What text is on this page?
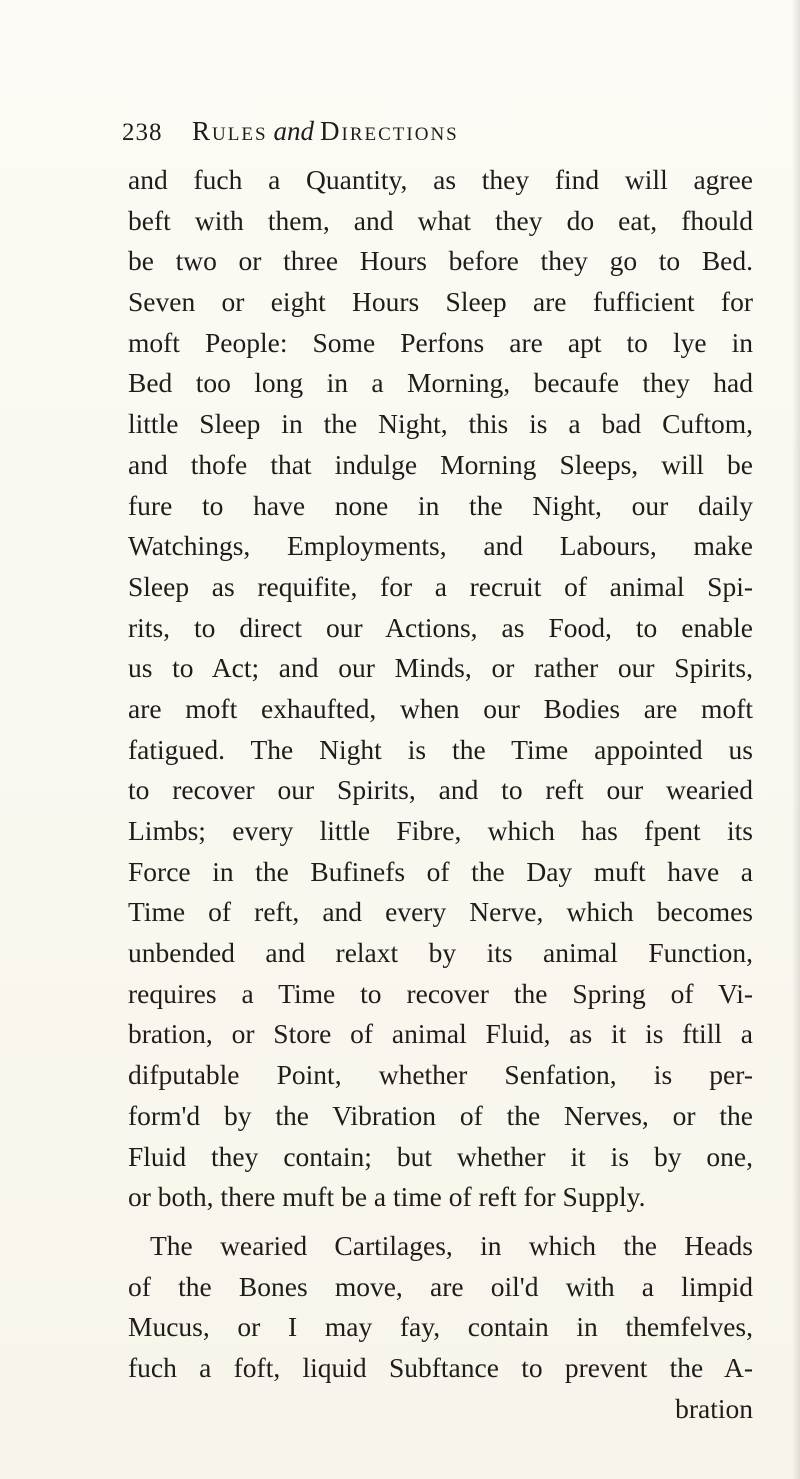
238	Rules and Directions
and fuch a Quantity, as they find will agree
beft with them, and what they do eat, fhould
be two or three Hours before they go to Bed.
Seven or eight Hours Sleep are fufficient for
moft People: Some Perfons are apt to lye in
Bed too long in a Morning, becaufe they had
little Sleep in the Night, this is a bad Cuftom,
and thofe that indulge Morning Sleeps, will be
fure to have none in the Night, our daily
Watchings, Employments, and Labours, make
Sleep as requifite, for a recruit of animal Spi-
rits, to direct our Actions, as Food, to enable
us to Act; and our Minds, or rather our Spirits,
are moft exhaufted, when our Bodies are moft
fatigued. The Night is the Time appointed us
to recover our Spirits, and to reft our wearied
Limbs; every little Fibre, which has fpent its
Force in the Bufinefs of the Day muft have a
Time of reft, and every Nerve, which becomes
unbended and relaxt by its animal Function,
requires a Time to recover the Spring of Vi-
bration, or Store of animal Fluid, as it is ftill a
difputable Point, whether Senfation, is per-
form'd by the Vibration of the Nerves, or the
Fluid they contain; but whether it is by one,
or both, there muft be a time of reft for Supply.
The wearied Cartilages, in which the Heads
of the Bones move, are oil'd with a limpid
Mucus, or I may fay, contain in themfelves,
fuch a foft, liquid Subftance to prevent the A-
bration
